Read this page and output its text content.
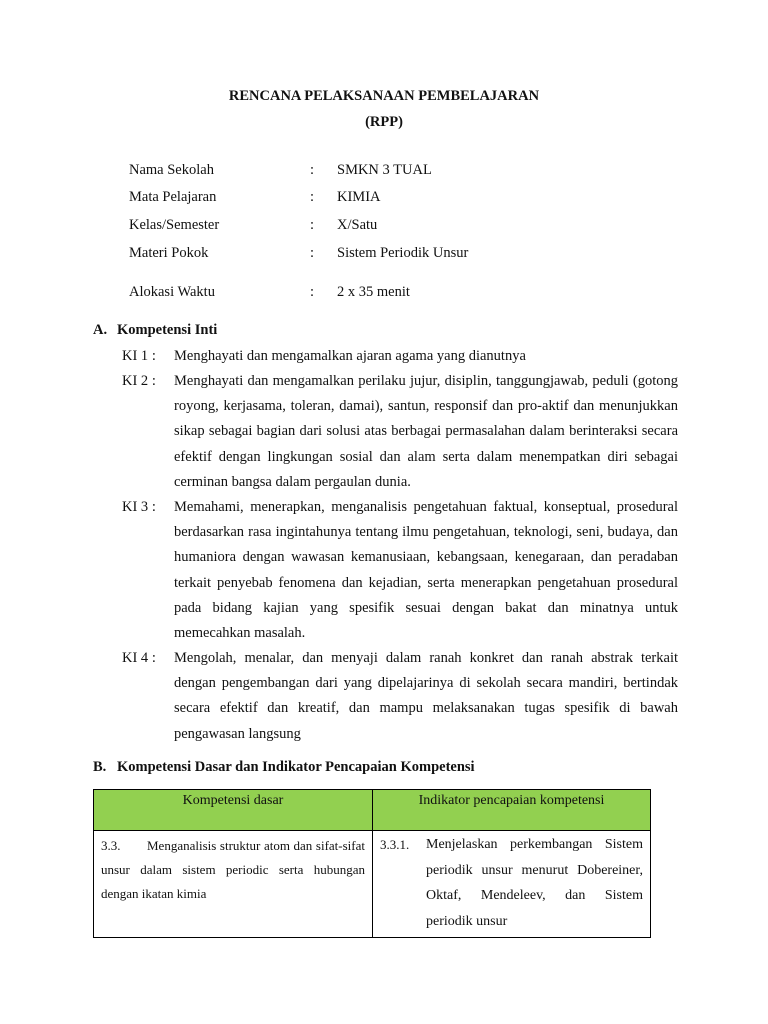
RENCANA PELAKSANAAN PEMBELAJARAN
(RPP)
Nama Sekolah	: SMKN 3 TUAL
Mata Pelajaran	: KIMIA
Kelas/Semester	: X/Satu
Materi Pokok	: Sistem Periodik Unsur
Alokasi Waktu	: 2 x 35 menit
A. Kompetensi Inti
KI 1 : Menghayati dan mengamalkan ajaran agama yang dianutnya
KI 2 : Menghayati dan mengamalkan perilaku jujur, disiplin, tanggungjawab, peduli (gotong royong, kerjasama, toleran, damai), santun, responsif dan pro-aktif dan menunjukkan sikap sebagai bagian dari solusi atas berbagai permasalahan dalam berinteraksi secara efektif dengan lingkungan sosial dan alam serta dalam menempatkan diri sebagai cerminan bangsa dalam pergaulan dunia.
KI 3 : Memahami, menerapkan, menganalisis pengetahuan faktual, konseptual, prosedural berdasarkan rasa ingintahunya tentang ilmu pengetahuan, teknologi, seni, budaya, dan humaniora dengan wawasan kemanusiaan, kebangsaan, kenegaraan, dan peradaban terkait penyebab fenomena dan kejadian, serta menerapkan pengetahuan prosedural pada bidang kajian yang spesifik sesuai dengan bakat dan minatnya untuk memecahkan masalah.
KI 4 : Mengolah, menalar, dan menyaji dalam ranah konkret dan ranah abstrak terkait dengan pengembangan dari yang dipelajarinya di sekolah secara mandiri, bertindak secara efektif dan kreatif, dan mampu melaksanakan tugas spesifik di bawah pengawasan langsung
B. Kompetensi Dasar dan Indikator Pencapaian Kompetensi
Kompetensi dasar	Indikator pencapaian kompetensi

3.3. Menganalisis struktur atom dan sifat-sifat unsur dalam sistem periodic serta hubungan dengan ikatan kimia	3.3.1. Menjelaskan perkembangan Sistem periodik unsur menurut Dobereiner, Oktaf, Mendeleev, dan Sistem periodik unsur
